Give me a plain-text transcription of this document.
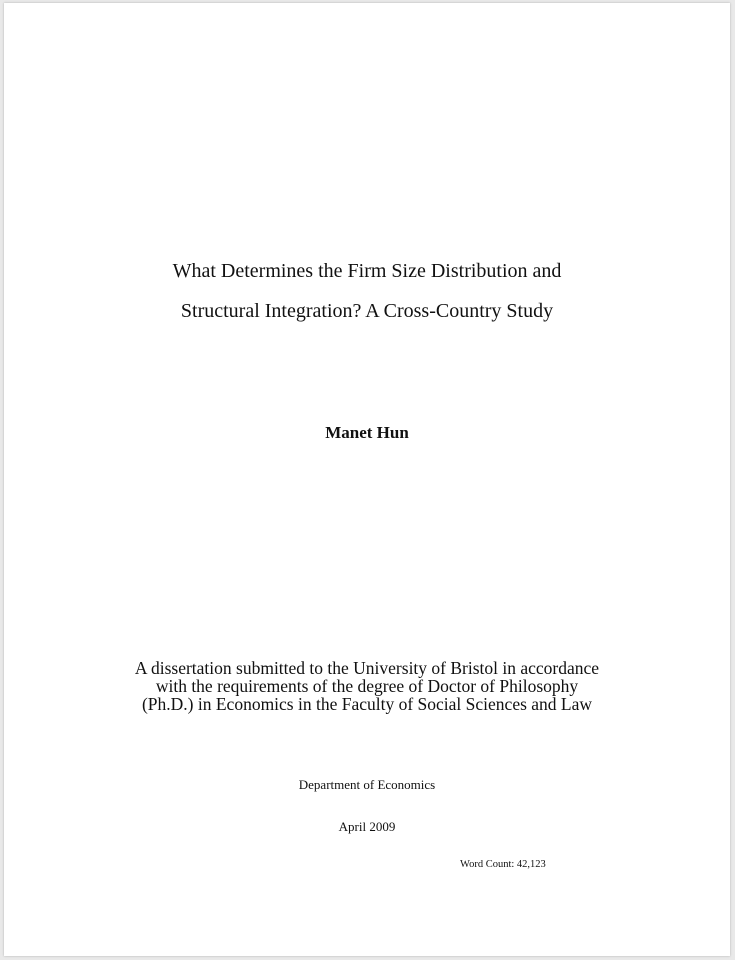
What Determines the Firm Size Distribution and
Structural Integration? A Cross-Country Study
Manet Hun
A dissertation submitted to the University of Bristol in accordance
with the requirements of the degree of Doctor of Philosophy
(Ph.D.) in Economics in the Faculty of Social Sciences and Law
Department of Economics
April 2009
Word Count: 42,123
